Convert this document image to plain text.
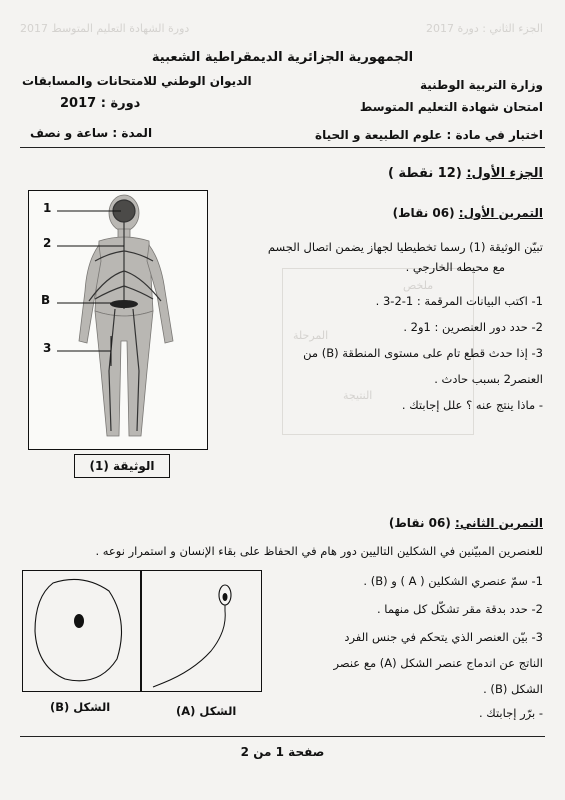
2017 دورة الشهادة التعليم المتوسط	الجزء الثاني : دورة 2017
ملخص
المرحلة
النتيجة
الجمهورية الجزائرية الديمقراطية الشعبية
وزارة التربية الوطنية
الديوان الوطني للامتحانات والمسابقات
امتحان شهادة التعليم المتوسط
دورة : 2017
اختبار في مادة : علوم الطبيعة و الحياة
المدة : ساعة و نصف
الجزء الأول: (12 نقطة )
التمرين الأول: (06 نقاط)
تبيّن الوثيقة (1) رسما تخطيطيا لجهاز يضمن اتصال الجسم
مع محيطه الخارجي .
1- اكتب البيانات المرقمة : 1-2-3 .
2- حدد دور العنصرين : 1و2 .
3- إذا حدث قطع تام على مستوى المنطقة (B) من
العنصر2 بسبب حادث .
- ماذا ينتج عنه ؟ علل إجابتك .
1
2
B
3
الوثيقة (1)
التمرين الثاني: (06 نقاط)
للعنصرين المبيّنين في الشكلين التاليين دور هام في الحفاظ على بقاء الإنسان و استمرار نوعه .
1- سمّ عنصري الشكلين ( A ) و (B) .
2- حدد بدقة مقر تشكّل كل منهما .
3- بيّن العنصر الذي يتحكم في جنس الفرد
الناتج عن اندماج عنصر الشكل (A) مع عنصر
الشكل (B) .
- برّر إجابتك .
الشكل (B)	الشكل (A)
صفحة 1 من 2
